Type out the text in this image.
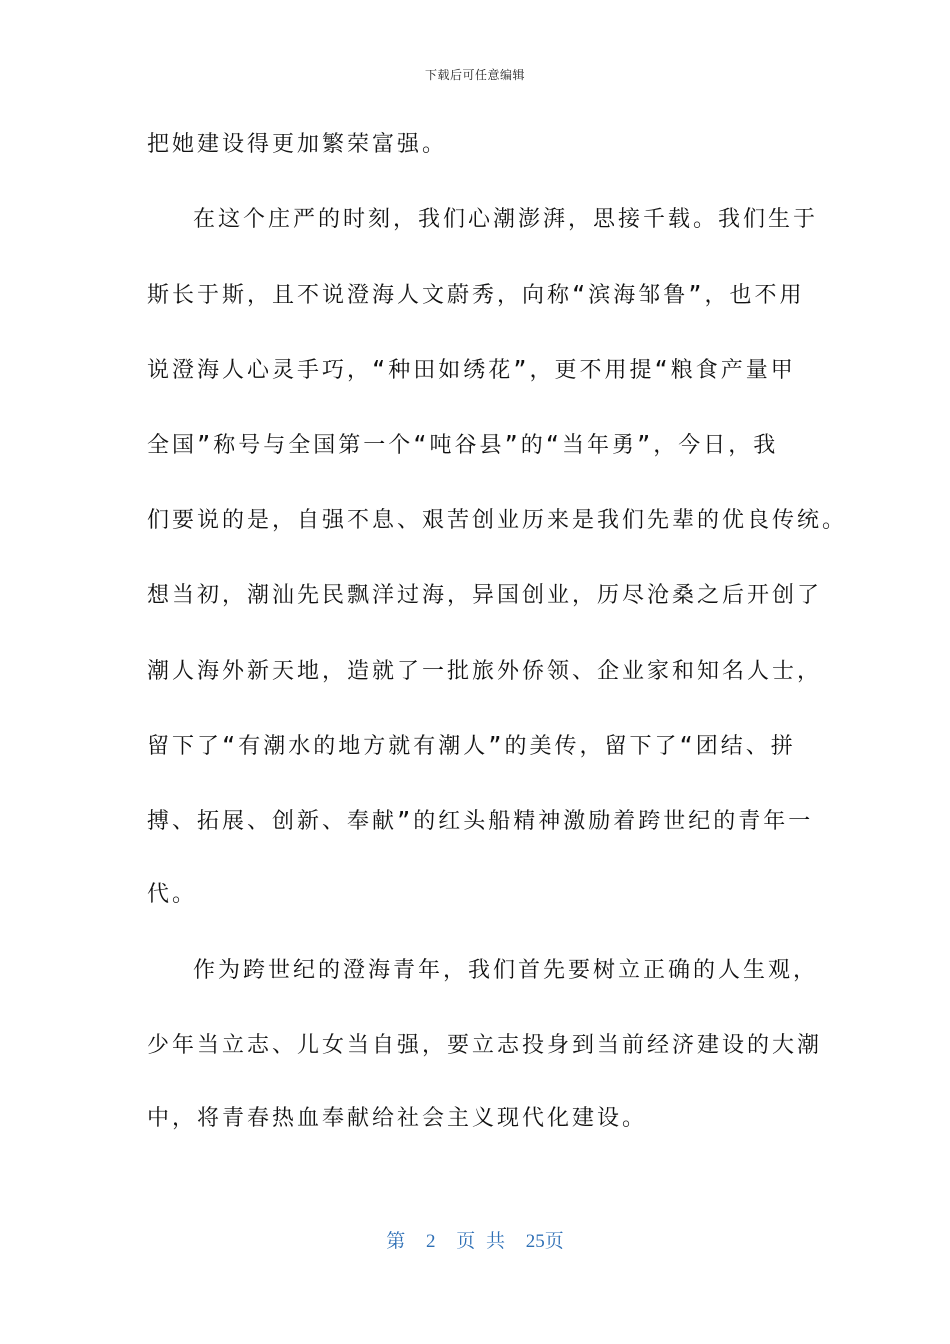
下载后可任意编辑
把她建设得更加繁荣富强。
在这个庄严的时刻，我们心潮澎湃，思接千载。我们生于
斯长于斯，且不说澄海人文蔚秀，向称“滨海邹鲁”，也不用
说澄海人心灵手巧，“种田如绣花”，更不用提“粮食产量甲
全国”称号与全国第一个“吨谷县”的“当年勇”，今日，我
们要说的是，自强不息、艰苦创业历来是我们先辈的优良传统。
想当初，潮汕先民飘洋过海，异国创业，历尽沧桑之后开创了
潮人海外新天地，造就了一批旅外侨领、企业家和知名人士，
留下了“有潮水的地方就有潮人”的美传，留下了“团结、拼
搏、拓展、创新、奉献”的红头船精神激励着跨世纪的青年一
代。
作为跨世纪的澄海青年，我们首先要树立正确的人生观，
少年当立志、儿女当自强，要立志投身到当前经济建设的大潮
中，将青春热血奉献给社会主义现代化建设。
第 2 页 共 25页
